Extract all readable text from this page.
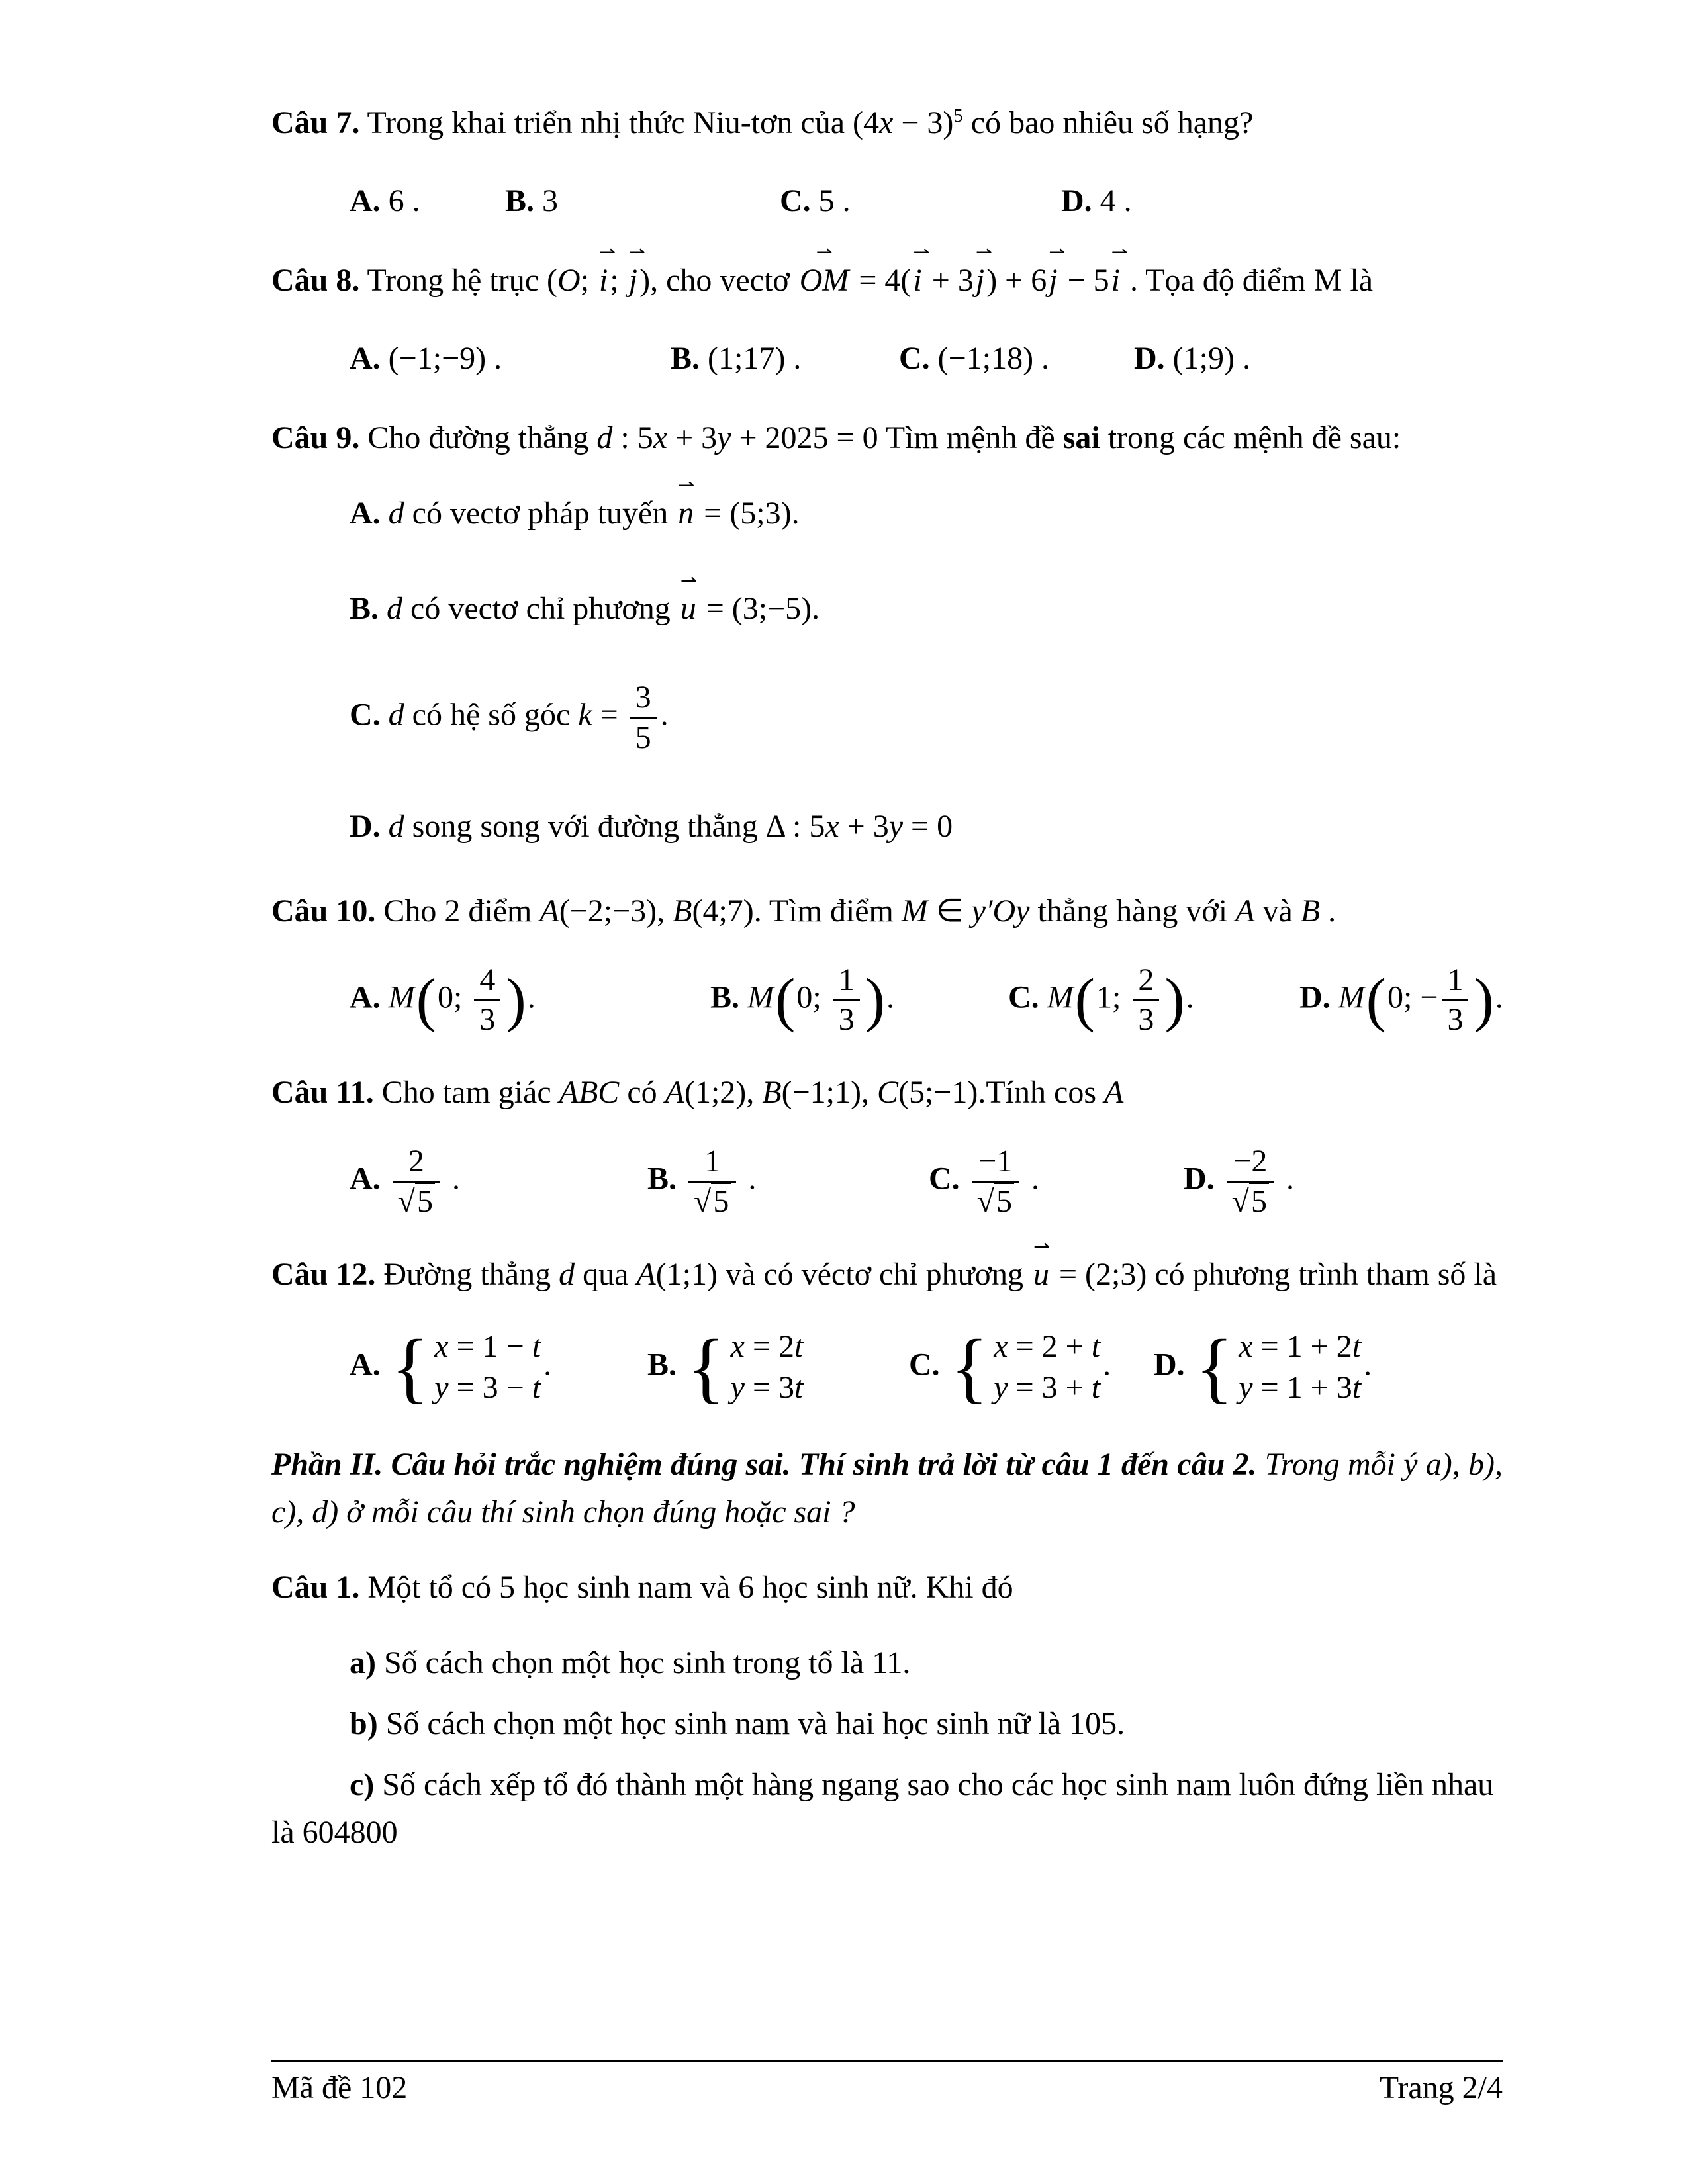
Câu 7. Trong khai triển nhị thức Niu-tơn của $(4x - 3)^5$ có bao nhiêu số hạng?

A. 6 .	B. 3	C. 5 .	D. 4 .

Câu 8. Trong hệ trục (O;
⇀
i;
⇀
j), cho vectơ
⇀
OM = 4(
⇀
i + 3
⇀
j) + 6
⇀
j − 5
⇀
i . Tọa độ điểm M là

A. (−1;−9) .	B. (1;17) .	C. (−1;18) .	D. (1;9) .

Câu 9. Cho đường thẳng d : 5x + 3y + 2025 = 0 Tìm mệnh đề sai trong các mệnh đề sau:

A. d có vectơ pháp tuyến
⇀
n = (5;3).

B. d có vectơ chỉ phương
⇀
u = (3;−5).

C. d có hệ số góc $k = \frac{3}{5}$ .

D. d song song với đường thẳng Δ : 5x + 3y = 0

Câu 10. Cho 2 điểm A(−2;−3), B(4;7). Tìm điểm M ∈ y′Oy thẳng hàng với A và B .

A. M(0; $\frac{4}{3}$ ).	B. M(0; $\frac{1}{3}$ ).	C. M(1; $\frac{2}{3}$ ).	D. M(0; − $\frac{1}{3}$ ).

Câu 11. Cho tam giác ABC có A(1;2), B(−1;1), C(5;−1).Tính cos A

A. $\frac{2}{√5}$ .	B. $\frac{1}{√5}$ .	C. $\frac{-1}{√5}$ .	D. $\frac{-2}{√5}$ .

Câu 12. Đường thẳng d qua A(1;1) và có véctơ chỉ phương
⇀
u = (2;3) có phương trình tham số là

A. { x = 1 − t
y = 3 − t
.	B. { x = 2t
y = 3t
C. { x = 2 + t
y = 3 + t
. D. { x = 1 + 2t
y = 1 + 3t
.

Phần II. Câu hỏi trắc nghiệm đúng sai. Thí sinh trả lời từ câu 1 đến câu 2. Trong mỗi ý a), b), c), d) ở mỗi câu thí sinh chọn đúng hoặc sai ?

Câu 1. Một tổ có 5 học sinh nam và 6 học sinh nữ. Khi đó

a) Số cách chọn một học sinh trong tổ là 11.

b) Số cách chọn một học sinh nam và hai học sinh nữ là 105.

c) Số cách xếp tổ đó thành một hàng ngang sao cho các học sinh nam luôn đứng liền nhau là 604800

Mã đề 102	Trang 2/4
